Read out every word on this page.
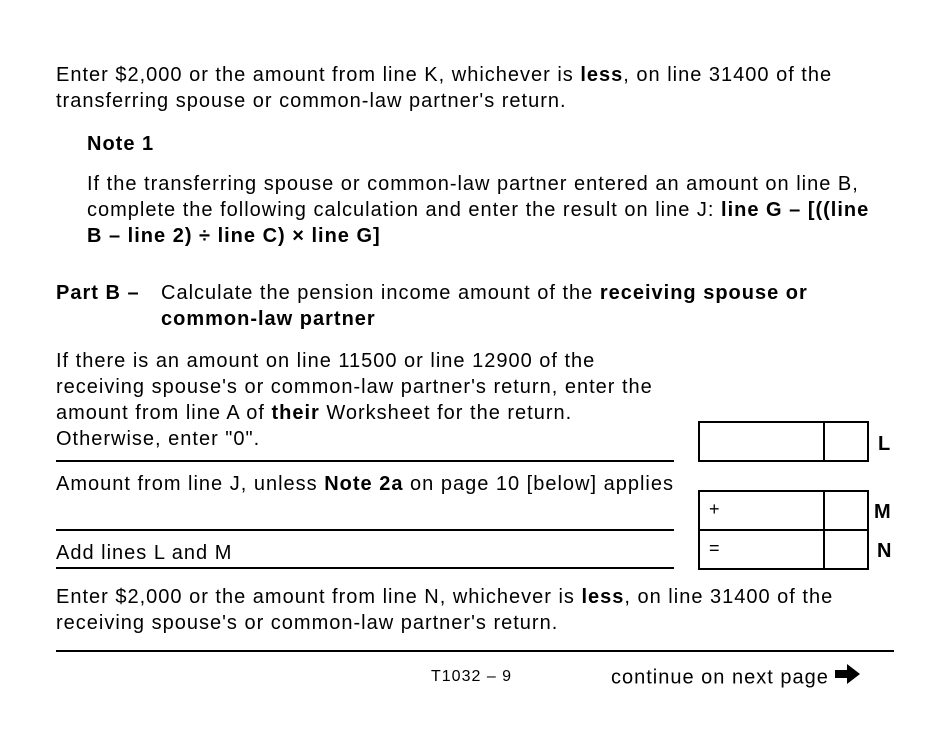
Enter $2,000 or the amount from line K, whichever is less, on line 31400 of the transferring spouse or common-law partner's return.

Note 1

If the transferring spouse or common-law partner entered an amount on line B, complete the following calculation and enter the result on line J: line G – [((line B – line 2) ÷ line C) × line G]

Part B – Calculate the pension income amount of the receiving spouse or common-law partner

If there is an amount on line 11500 or line 12900 of the receiving spouse's or common-law partner's return, enter the amount from line A of their Worksheet for the return. Otherwise, enter "0".	L

Amount from line J, unless Note 2a on page 10 [below] applies

+	M

Add lines L and M	=	N

Enter $2,000 or the amount from line N, whichever is less, on line 31400 of the receiving spouse's or common-law partner's return.

T1032 – 9	continue on next page
